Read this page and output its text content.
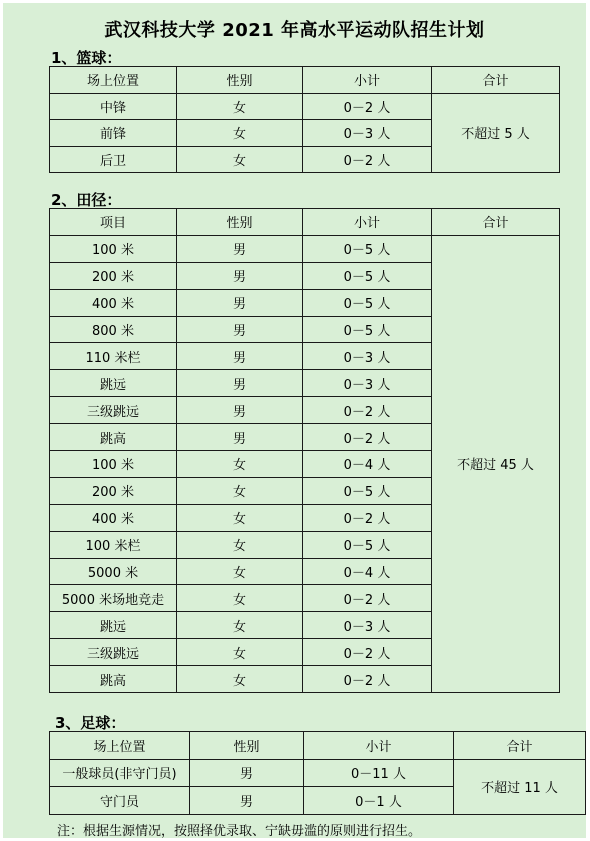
武汉科技大学 2021 年高水平运动队招生计划
1、篮球：
场上位置	性别	小计	合计
中锋	女	0－2 人	不超过 5 人
前锋	女	0－3 人	
后卫	女	0－2 人	
2、田径：
项目	性别	小计	合计
100 米	男	0－5 人	不超过 45 人
200 米	男	0－5 人	
400 米	男	0－5 人	
800 米	男	0－5 人	
110 米栏	男	0－3 人	
跳远	男	0－3 人	
三级跳远	男	0－2 人	
跳高	男	0－2 人	
100 米	女	0－4 人	
200 米	女	0－5 人	
400 米	女	0－2 人	
100 米栏	女	0－5 人	
5000 米	女	0－4 人	
5000 米场地竞走	女	0－2 人	
跳远	女	0－3 人	
三级跳远	女	0－2 人	
跳高	女	0－2 人	
3、足球：
场上位置	性别	小计	合计
一般球员(非守门员)	男	0－11 人	不超过 11 人
守门员	男	0－1 人	
注：根据生源情况，按照择优录取、宁缺毋滥的原则进行招生。
